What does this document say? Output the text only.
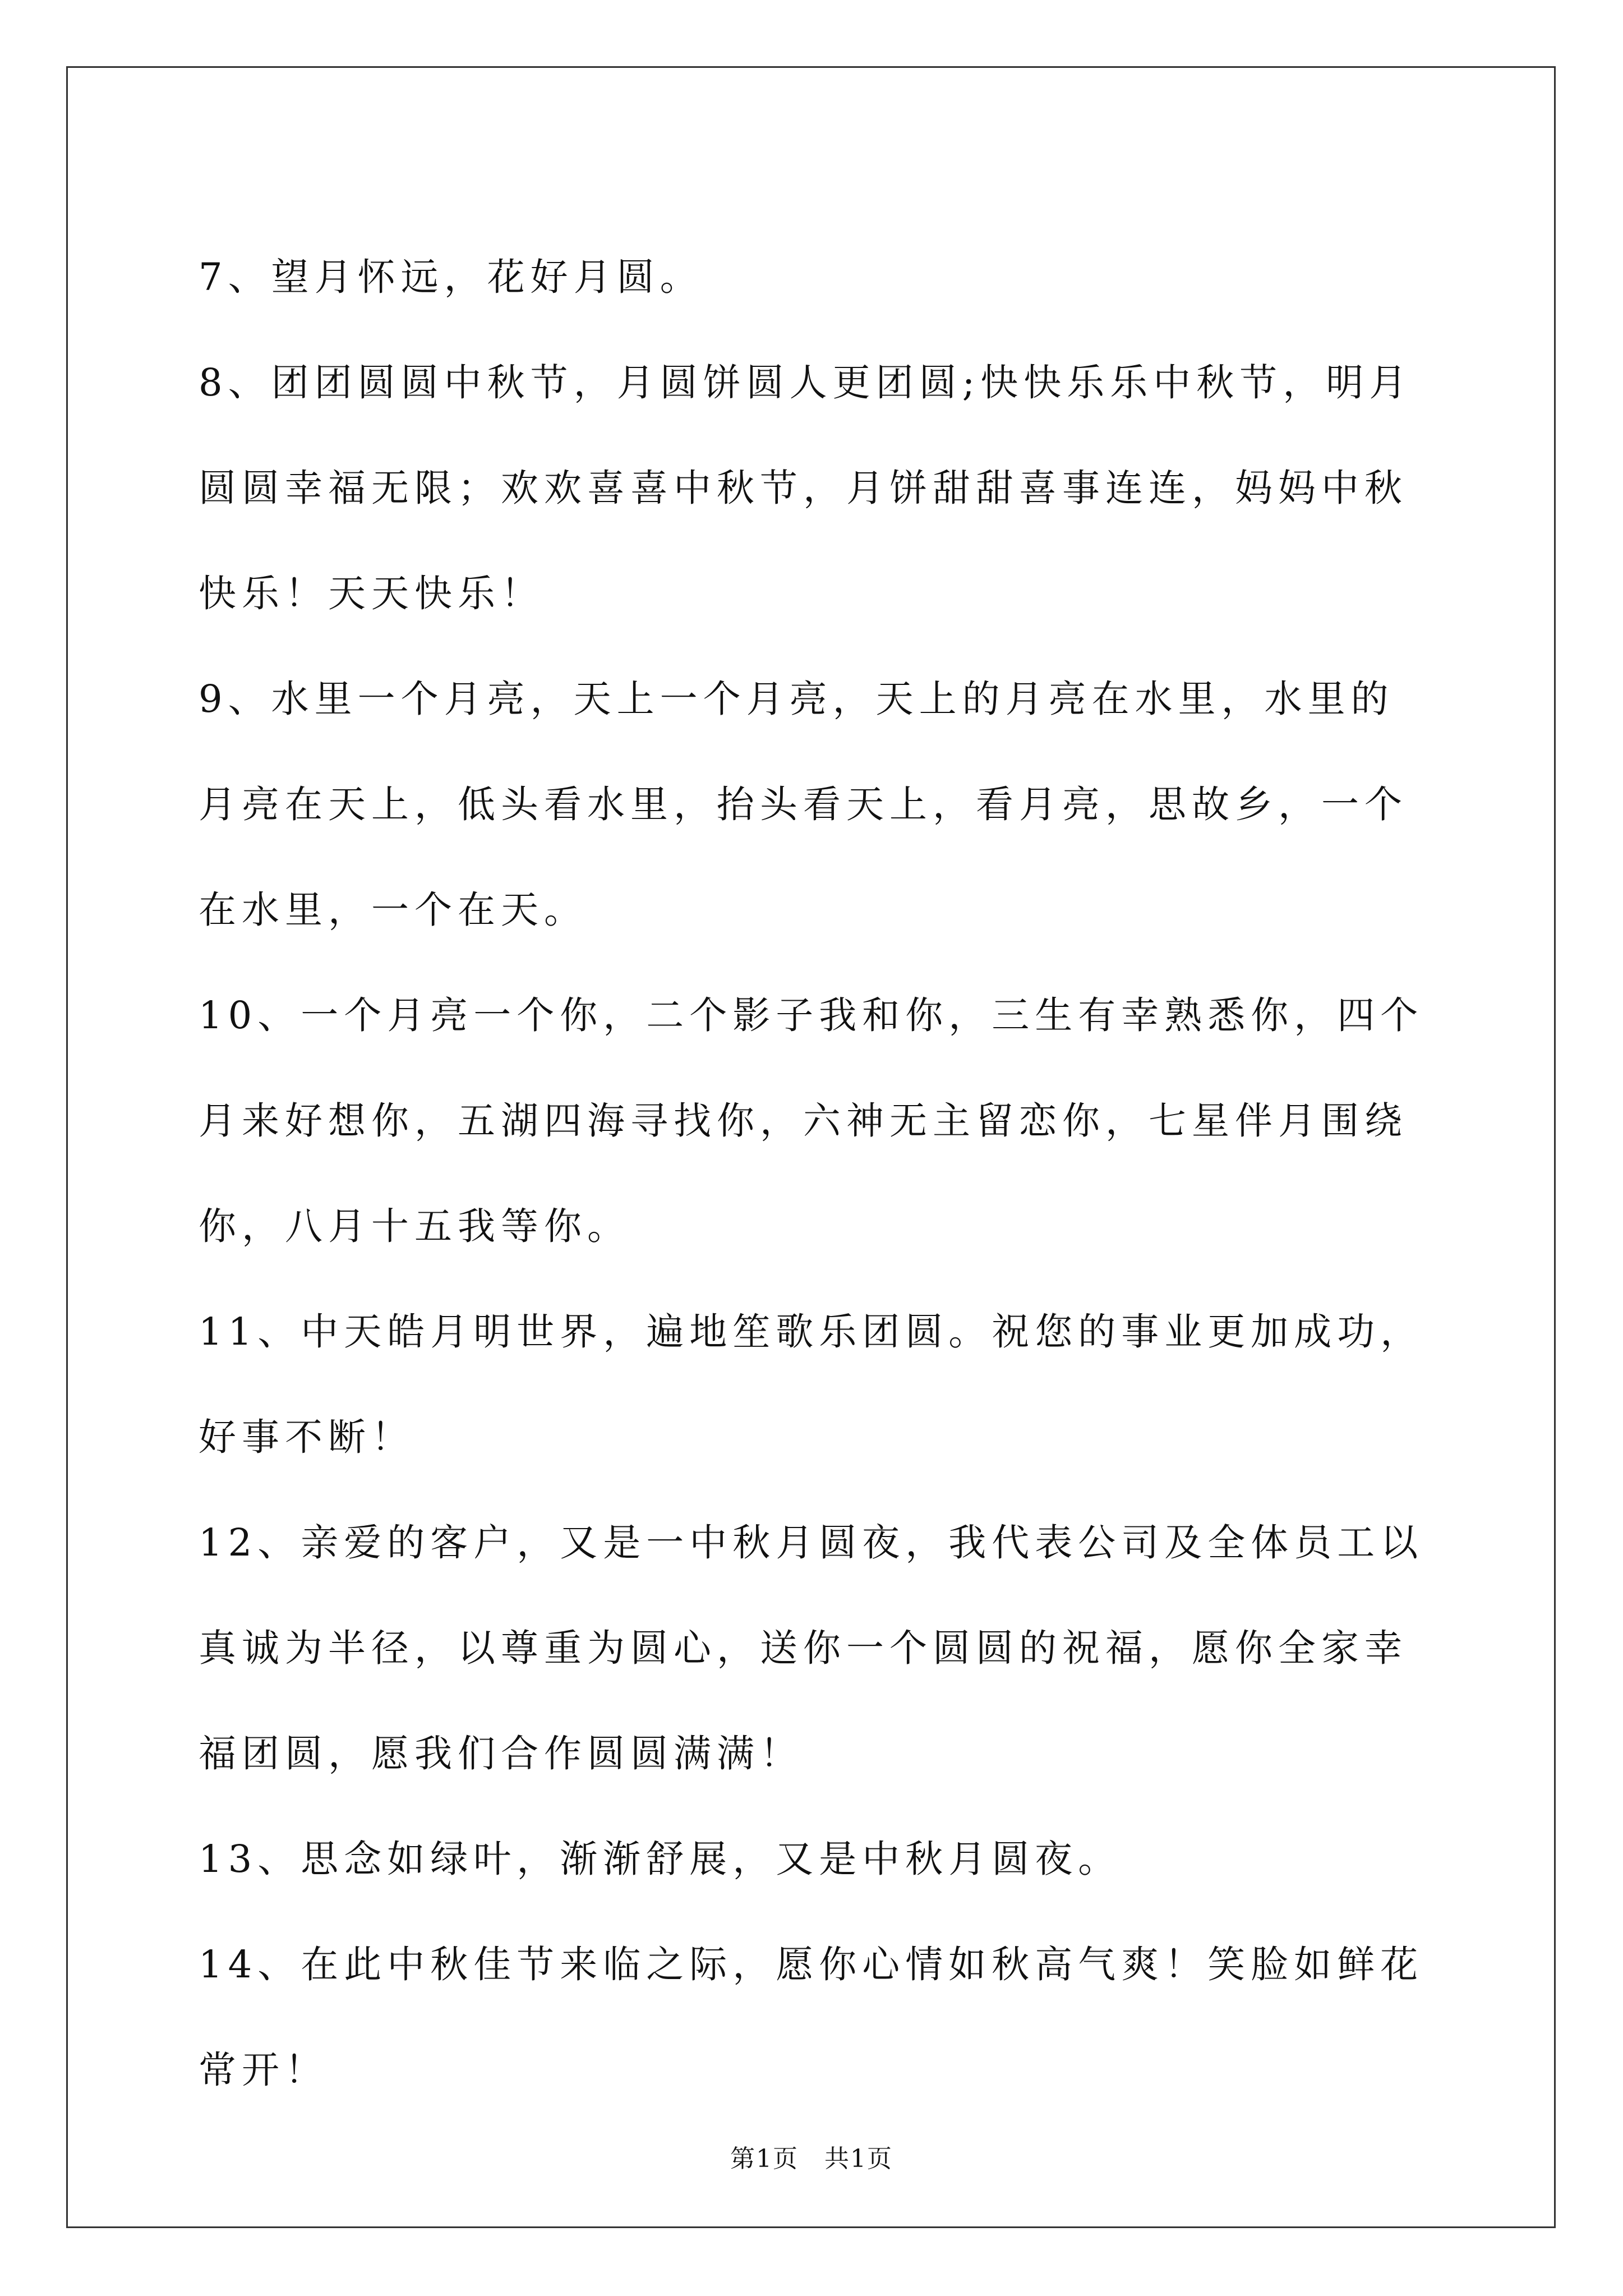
7、望月怀远，花好月圆。

8、团团圆圆中秋节，月圆饼圆人更团圆;快快乐乐中秋节，明月圆圆幸福无限；欢欢喜喜中秋节，月饼甜甜喜事连连，妈妈中秋快乐！天天快乐！

9、水里一个月亮，天上一个月亮，天上的月亮在水里，水里的月亮在天上，低头看水里，抬头看天上，看月亮，思故乡，一个在水里，一个在天。

10、一个月亮一个你，二个影子我和你，三生有幸熟悉你，四个月来好想你，五湖四海寻找你，六神无主留恋你，七星伴月围绕你，八月十五我等你。

11、中天皓月明世界，遍地笙歌乐团圆。祝您的事业更加成功，好事不断！

12、亲爱的客户，又是一中秋月圆夜，我代表公司及全体员工以真诚为半径，以尊重为圆心，送你一个圆圆的祝福，愿你全家幸福团圆，愿我们合作圆圆满满！

13、思念如绿叶，渐渐舒展，又是中秋月圆夜。

14、在此中秋佳节来临之际，愿你心情如秋高气爽！笑脸如鲜花常开！

第1页　共1页
